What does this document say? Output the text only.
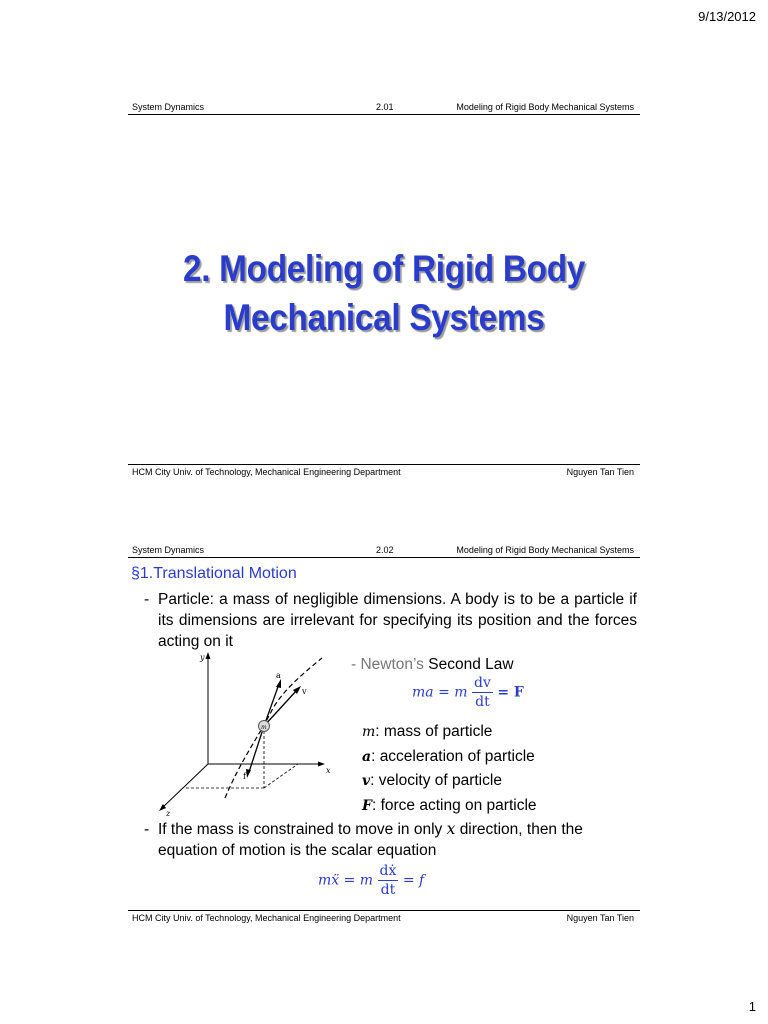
9/13/2012
System Dynamics	2.01	Modeling of Rigid Body Mechanical Systems
2. Modeling of Rigid Body
Mechanical Systems
HCM City Univ. of Technology, Mechanical Engineering Department	Nguyen Tan Tien
System Dynamics	2.02	Modeling of Rigid Body Mechanical Systems
§1.Translational Motion
- Particle: a mass of negligible dimensions. A body is to be a particle if its dimensions are irrelevant for specifying its position and the forces acting on it
y
x
z
m
a
v
f
- Newton’s Second Law
ma = m $\frac{dv}{dt} = F$
m: mass of particle
a: acceleration of particle
v: velocity of particle
F: force acting on particle
- If the mass is constrained to move in only x direction, then the equation of motion is the scalar equation
mẍ = m $\frac{\text{dẋ}}{dt} = f$
HCM City Univ. of Technology, Mechanical Engineering Department	Nguyen Tan Tien
1
